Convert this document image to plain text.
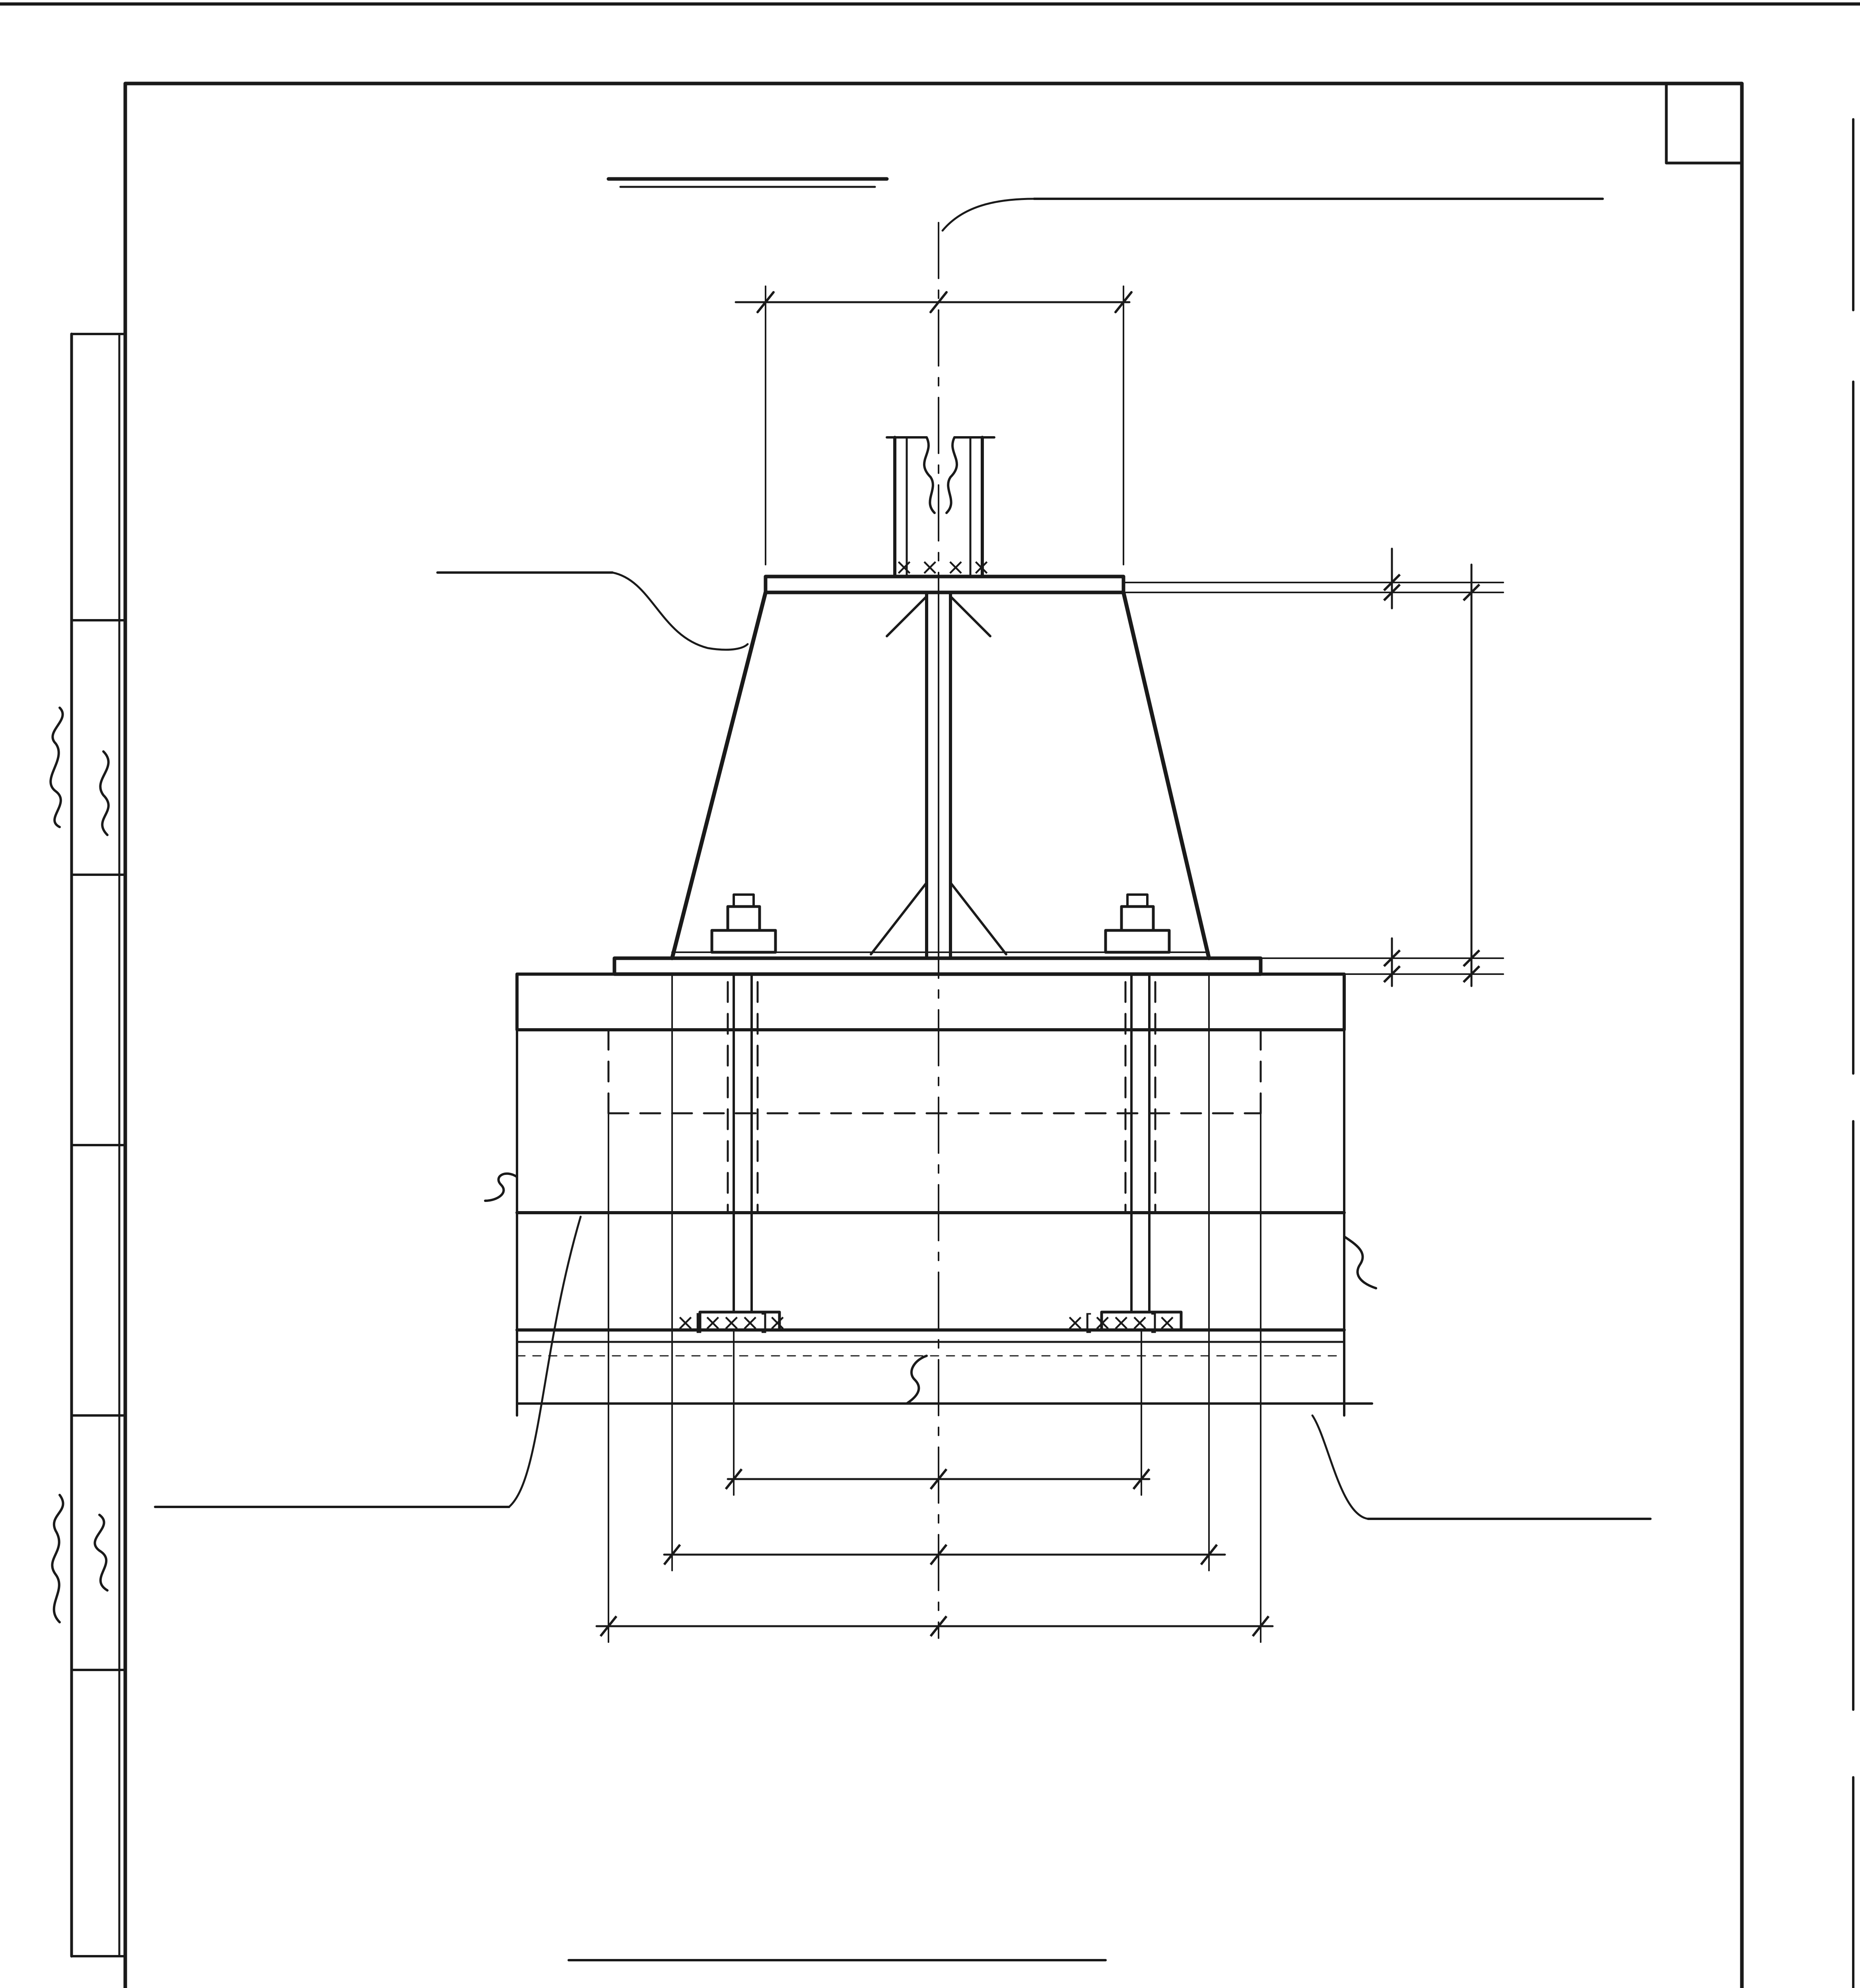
× × × ×
×[×××]×	×[×××]×
